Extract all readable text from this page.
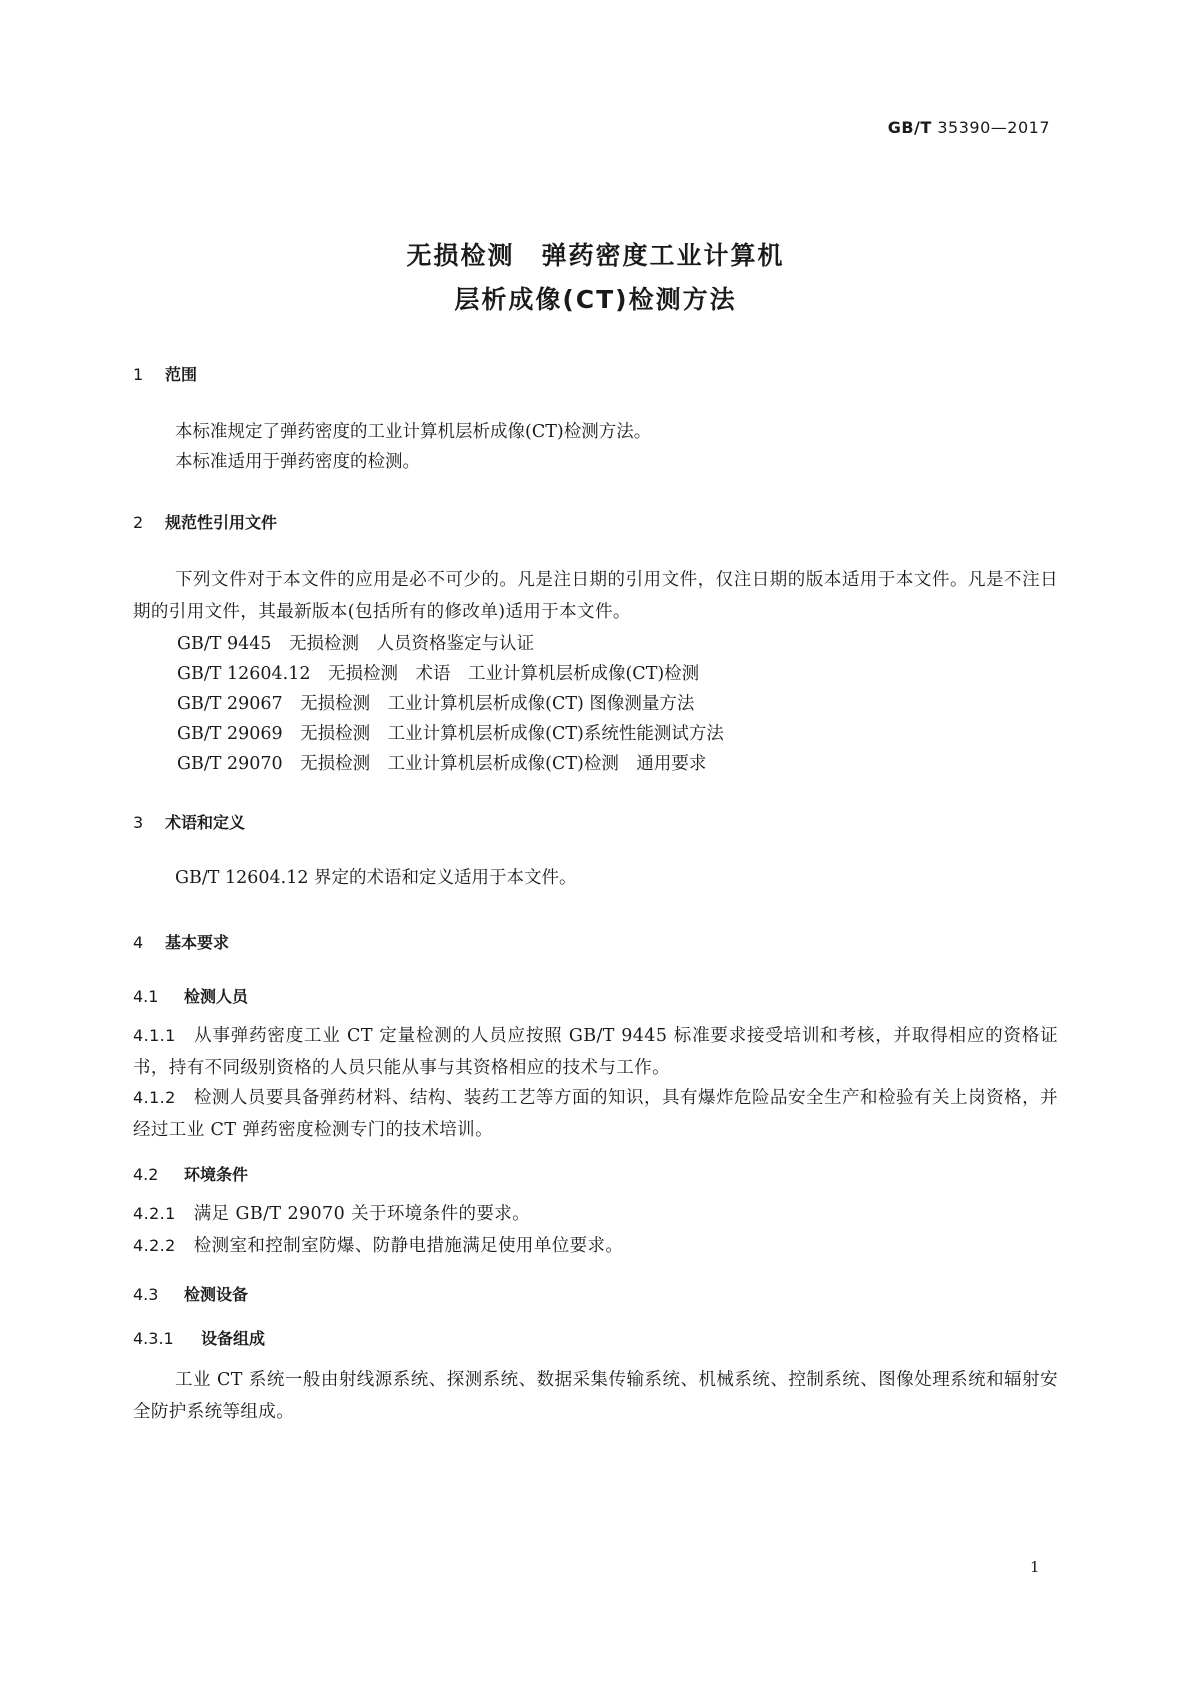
GB/T 35390—2017
无损检测　弹药密度工业计算机
层析成像(CT)检测方法
1 范围
本标准规定了弹药密度的工业计算机层析成像(CT)检测方法。
本标准适用于弹药密度的检测。
2 规范性引用文件
下列文件对于本文件的应用是必不可少的。凡是注日期的引用文件，仅注日期的版本适用于本文件。凡是不注日期的引用文件，其最新版本(包括所有的修改单)适用于本文件。
GB/T 9445　无损检测　人员资格鉴定与认证
GB/T 12604.12　无损检测　术语　工业计算机层析成像(CT)检测
GB/T 29067　无损检测　工业计算机层析成像(CT) 图像测量方法
GB/T 29069　无损检测　工业计算机层析成像(CT)系统性能测试方法
GB/T 29070　无损检测　工业计算机层析成像(CT)检测　通用要求
3 术语和定义
GB/T 12604.12 界定的术语和定义适用于本文件。
4 基本要求
4.1 检测人员
4.1.1 从事弹药密度工业 CT 定量检测的人员应按照 GB/T 9445 标准要求接受培训和考核，并取得相应的资格证书，持有不同级别资格的人员只能从事与其资格相应的技术与工作。
4.1.2 检测人员要具备弹药材料、结构、装药工艺等方面的知识，具有爆炸危险品安全生产和检验有关上岗资格，并经过工业 CT 弹药密度检测专门的技术培训。
4.2 环境条件
4.2.1 满足 GB/T 29070 关于环境条件的要求。
4.2.2 检测室和控制室防爆、防静电措施满足使用单位要求。
4.3 检测设备
4.3.1 设备组成
工业 CT 系统一般由射线源系统、探测系统、数据采集传输系统、机械系统、控制系统、图像处理系统和辐射安全防护系统等组成。
1
